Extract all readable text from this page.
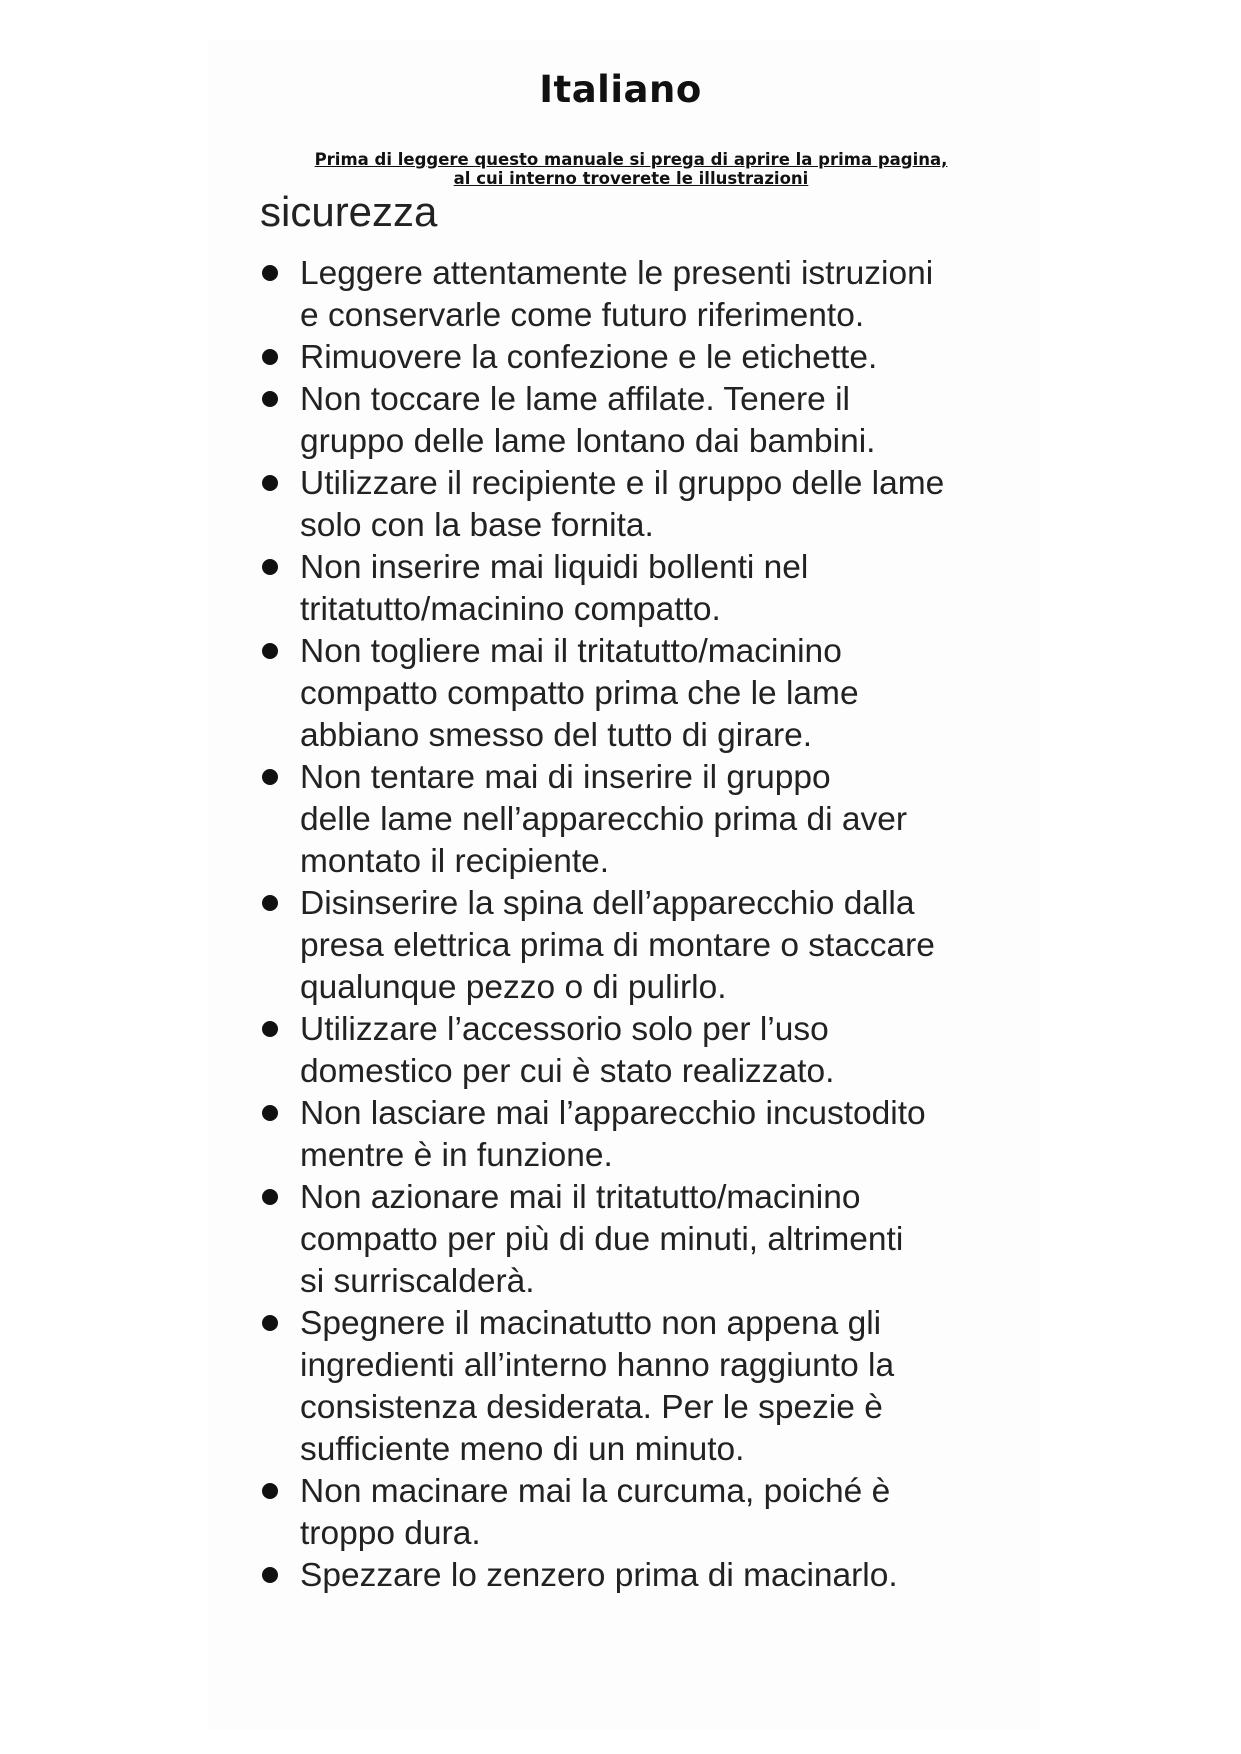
Italiano

Prima di leggere questo manuale si prega di aprire la prima pagina,
al cui interno troverete le illustrazioni

sicurezza
Leggere attentamente le presenti istruzioni
e conservarle come futuro riferimento.
Rimuovere la confezione e le etichette.
Non toccare le lame affilate. Tenere il
gruppo delle lame lontano dai bambini.
Utilizzare il recipiente e il gruppo delle lame
solo con la base fornita.
Non inserire mai liquidi bollenti nel
tritatutto/macinino compatto.
Non togliere mai il tritatutto/macinino
compatto compatto prima che le lame
abbiano smesso del tutto di girare.
Non tentare mai di inserire il gruppo
delle lame nell’apparecchio prima di aver
montato il recipiente.
Disinserire la spina dell’apparecchio dalla
presa elettrica prima di montare o staccare
qualunque pezzo o di pulirlo.
Utilizzare l’accessorio solo per l’uso
domestico per cui è stato realizzato.
Non lasciare mai l’apparecchio incustodito
mentre è in funzione.
Non azionare mai il tritatutto/macinino
compatto per più di due minuti, altrimenti
si surriscalderà.
Spegnere il macinatutto non appena gli
ingredienti all’interno hanno raggiunto la
consistenza desiderata. Per le spezie è
sufficiente meno di un minuto.
Non macinare mai la curcuma, poiché è
troppo dura.
Spezzare lo zenzero prima di macinarlo.
